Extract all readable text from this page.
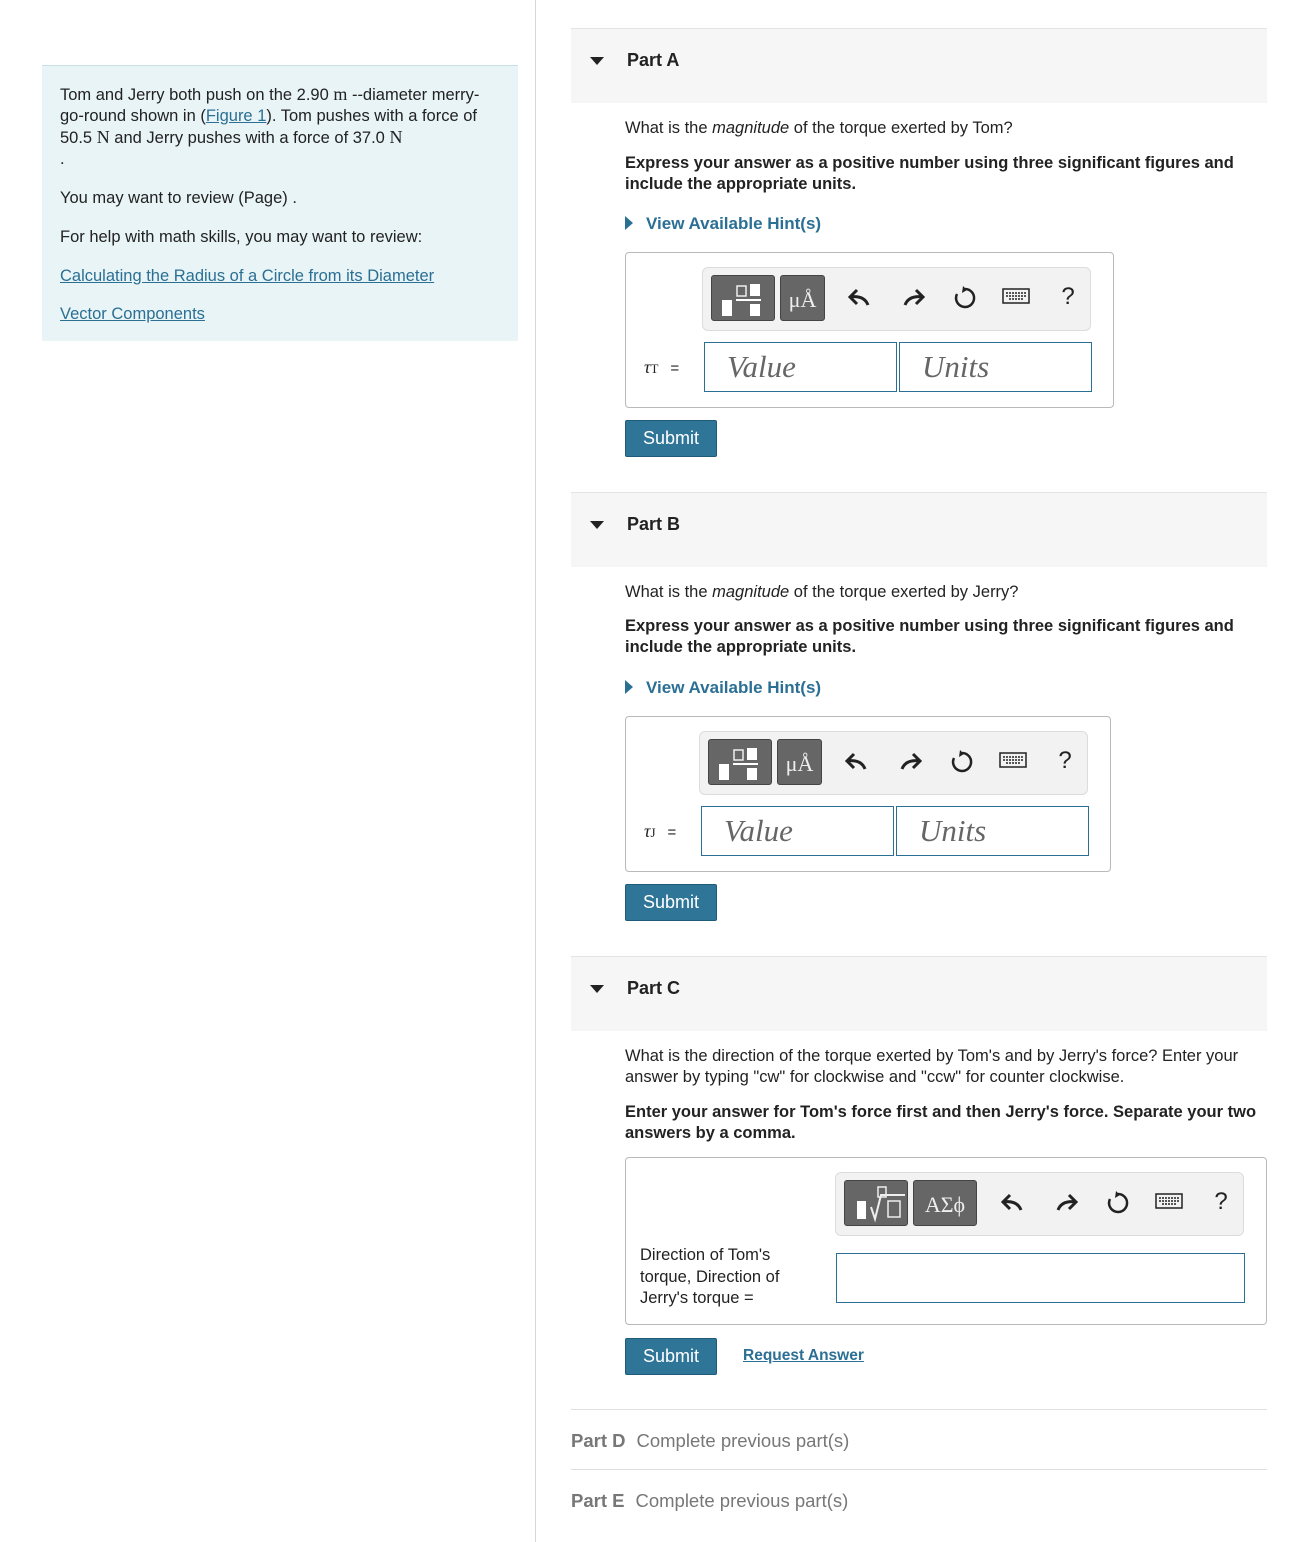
Tom and Jerry both push on the 2.90 m --diameter merry-go-round shown in (Figure 1). Tom pushes with a force of 50.5 N and Jerry pushes with a force of 37.0 N
.

You may want to review (Page) .

For help with math skills, you may want to review:

Calculating the Radius of a Circle from its Diameter

Vector Components

Part A
What is the magnitude of the torque exerted by Tom?
Express your answer as a positive number using three significant figures and include the appropriate units.
View Available Hint(s)
μÅ	?
τT = Value	Units
Submit
Part B
What is the magnitude of the torque exerted by Jerry?
Express your answer as a positive number using three significant figures and include the appropriate units.
View Available Hint(s)
μÅ	?
τJ = Value	Units
Submit
Part C
What is the direction of the torque exerted by Tom's and by Jerry's force? Enter your answer by typing "cw" for clockwise and "ccw" for counter clockwise.
Enter your answer for Tom's force first and then Jerry's force. Separate your two answers by a comma.
ΑΣϕ	?
Direction of Tom's torque, Direction of Jerry's torque =
Submit	Request Answer
Part D Complete previous part(s)
Part E Complete previous part(s)
